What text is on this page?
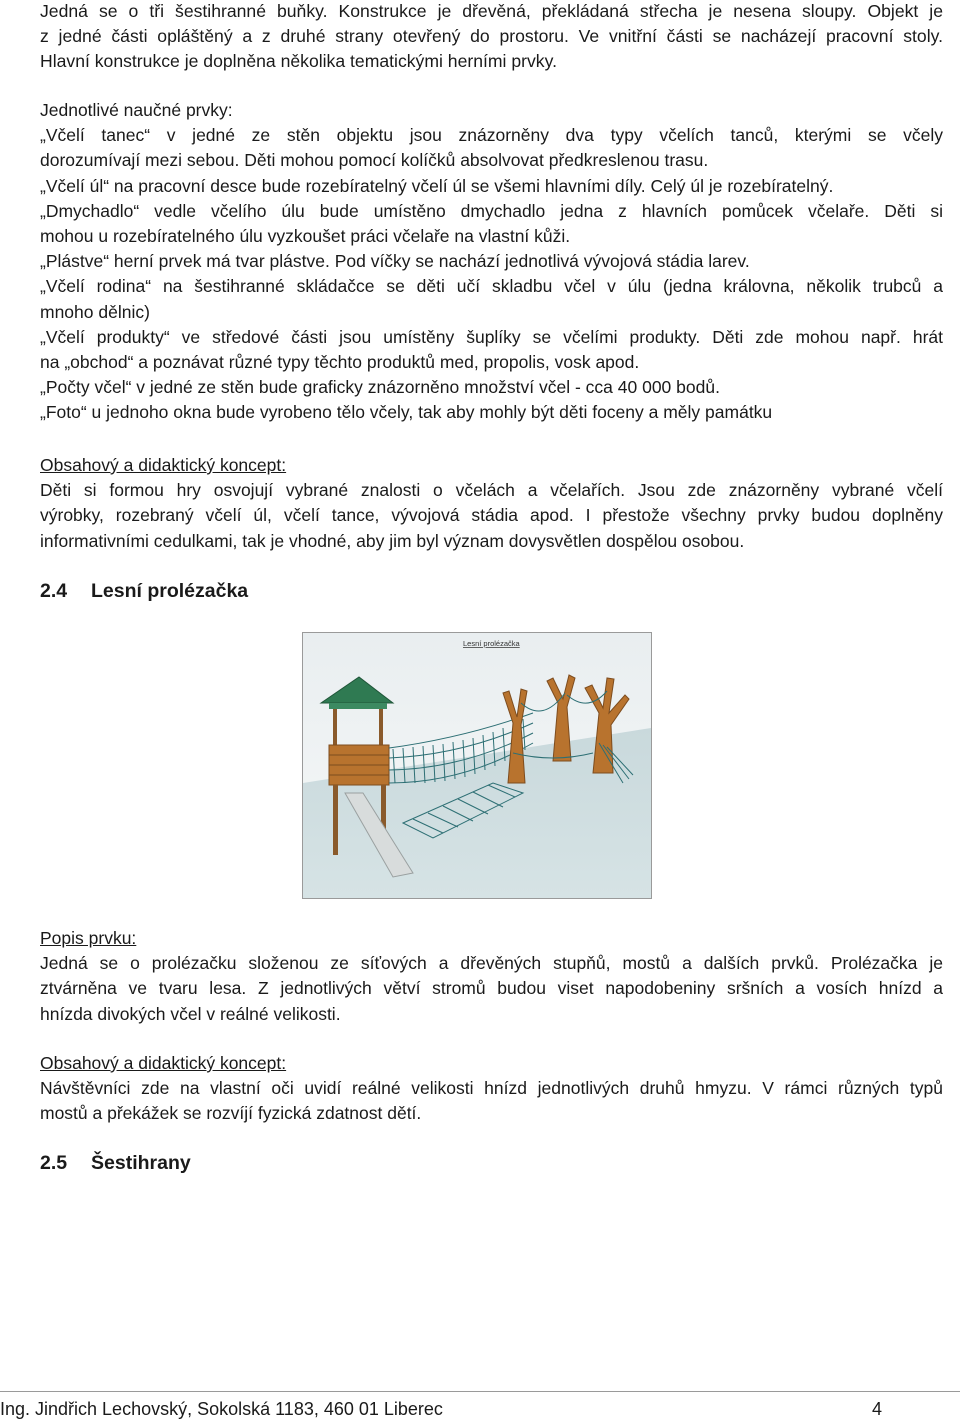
Jedná se o tři šestihranné buňky. Konstrukce je dřevěná, překládaná střecha je nesena sloupy. Objekt je

z jedné části opláštěný a z druhé strany otevřený do prostoru. Ve vnitřní části se nacházejí pracovní stoly.

Hlavní konstrukce je doplněna několika tematickými herními prvky.

Jednotlivé naučné prvky:

„Včelí tanec“ v jedné ze stěn objektu jsou znázorněny dva typy včelích tanců, kterými se včely

dorozumívají mezi sebou. Děti mohou pomocí kolíčků absolvovat předkreslenou trasu.

„Včelí úl“ na pracovní desce bude rozebíratelný včelí úl se všemi hlavními díly. Celý úl je rozebíratelný.

„Dmychadlo“ vedle včelího úlu bude umístěno dmychadlo jedna z hlavních pomůcek včelaře. Děti si

mohou u rozebíratelného úlu vyzkoušet práci včelaře na vlastní kůži.

„Plástve“ herní prvek má tvar plástve. Pod víčky se nachází jednotlivá vývojová stádia larev.

„Včelí rodina“ na šestihranné skládačce se děti učí skladbu včel v úlu (jedna královna, několik trubců a

mnoho dělnic)

„Včelí produkty“ ve středové části jsou umístěny šuplíky se včelími produkty. Děti zde mohou např. hrát

na „obchod“ a poznávat různé typy těchto produktů med, propolis, vosk apod.

„Počty včel“ v jedné ze stěn bude graficky znázorněno množství včel - cca 40 000 bodů.

„Foto“ u jednoho okna bude vyrobeno tělo včely, tak aby mohly být děti foceny a měly památku

Obsahový a didaktický koncept:

Děti si formou hry osvojují vybrané znalosti o včelách a včelařích. Jsou zde znázorněny vybrané včelí

výrobky, rozebraný včelí úl, včelí tance, vývojová stádia apod. I přestože všechny prvky budou doplněny

informativními cedulkami, tak je vhodné, aby jim byl význam dovysvětlen dospělou osobou.

2.4 Lesní prolézačka

Popis prvku:

Jedná se o prolézačku složenou ze síťových a dřevěných stupňů, mostů a dalších prvků. Prolézačka je

ztvárněna ve tvaru lesa. Z jednotlivých větví stromů budou viset napodobeniny sršních a vosích hnízd a

hnízda divokých včel v reálné velikosti.

Obsahový a didaktický koncept:

Návštěvníci zde na vlastní oči uvidí reálné velikosti hnízd jednotlivých druhů hmyzu. V rámci různých typů

mostů a překážek se rozvíjí fyzická zdatnost dětí.

2.5 Šestihrany
Lesní prolézačka
Ing. Jindřich Lechovský, Sokolská 1183, 460 01 Liberec	4
